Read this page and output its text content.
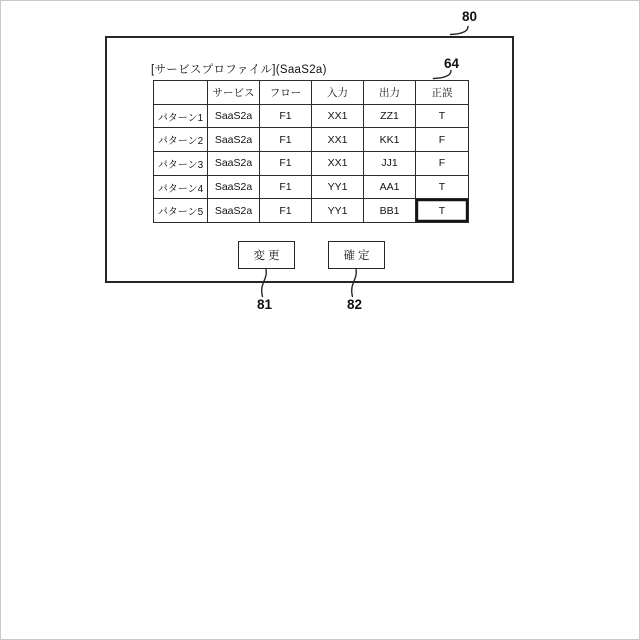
80
[サービスプロファイル](SaaS2a)	64
	サービス	フロー	入力	出力	正誤
パターン1	SaaS2a	F1	XX1	ZZ1	T
パターン2	SaaS2a	F1	XX1	KK1	F
パターン3	SaaS2a	F1	XX1	JJ1	F
パターン4	SaaS2a	F1	YY1	AA1	T
パターン5	SaaS2a	F1	YY1	BB1	T
変更	確定
81	82
